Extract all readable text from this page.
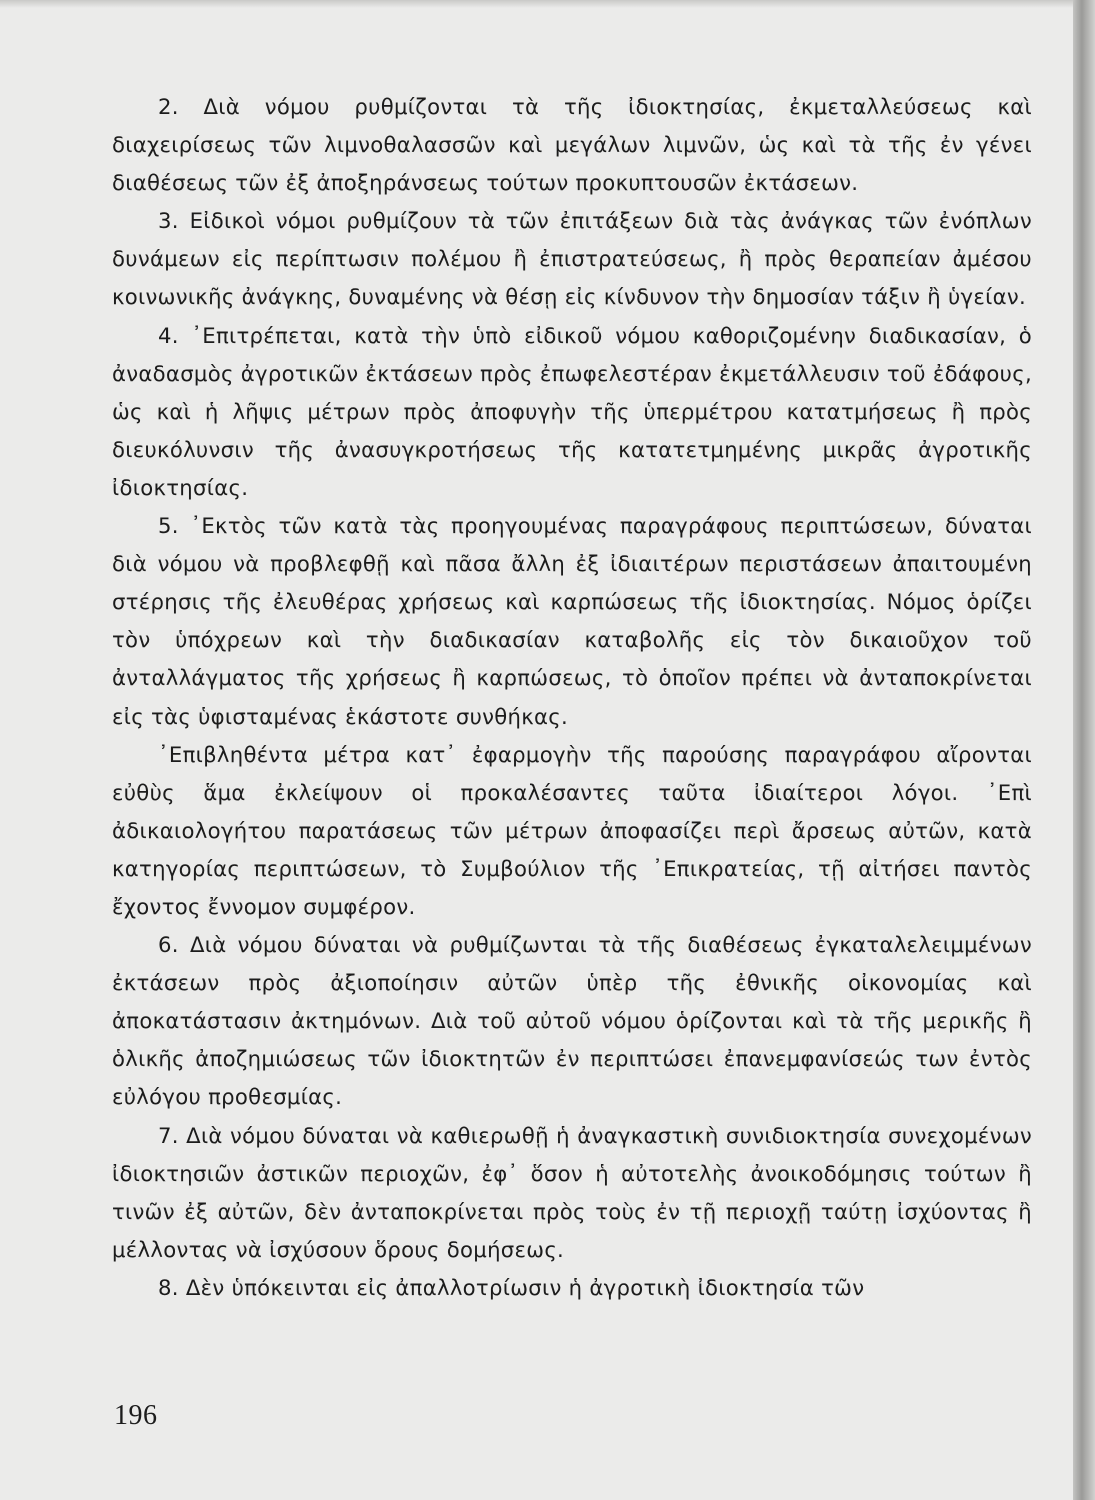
2. Διὰ νόμου ρυθμίζονται τὰ τῆς ἰδιοκτησίας, ἐκμεταλλεύσεως καὶ διαχειρίσεως τῶν λιμνοθαλασσῶν καὶ μεγάλων λιμνῶν, ὡς καὶ τὰ τῆς ἐν γένει διαθέσεως τῶν ἐξ ἀποξηράνσεως τούτων προκυπτουσῶν ἐκτάσεων.

3. Εἰδικοὶ νόμοι ρυθμίζουν τὰ τῶν ἐπιτάξεων διὰ τὰς ἀνάγκας τῶν ἐνόπλων δυνάμεων εἰς περίπτωσιν πολέμου ἢ ἐπιστρατεύσεως, ἢ πρὸς θεραπείαν ἀμέσου κοινωνικῆς ἀνάγκης, δυναμένης νὰ θέσῃ εἰς κίνδυνον τὴν δημοσίαν τάξιν ἢ ὑγείαν.

4. ᾿Επιτρέπεται, κατὰ τὴν ὑπὸ εἰδικοῦ νόμου καθοριζομένην διαδικασίαν, ὁ ἀναδασμὸς ἀγροτικῶν ἐκτάσεων πρὸς ἐπωφελεστέραν ἐκμετάλλευσιν τοῦ ἐδάφους, ὡς καὶ ἡ λῆψις μέτρων πρὸς ἀποφυγὴν τῆς ὑπερμέτρου κατατμήσεως ἢ πρὸς διευκόλυνσιν τῆς ἀνασυγκροτήσεως τῆς κατατετμημένης μικρᾶς ἀγροτικῆς ἰδιοκτησίας.

5. ᾿Εκτὸς τῶν κατὰ τὰς προηγουμένας παραγράφους περιπτώσεων, δύναται διὰ νόμου νὰ προβλεφθῇ καὶ πᾶσα ἄλλη ἐξ ἰδιαιτέρων περιστάσεων ἀπαιτουμένη στέρησις τῆς ἐλευθέρας χρήσεως καὶ καρπώσεως τῆς ἰδιοκτησίας. Νόμος ὁρίζει τὸν ὑπόχρεων καὶ τὴν διαδικασίαν καταβολῆς εἰς τὸν δικαιοῦχον τοῦ ἀνταλλάγματος τῆς χρήσεως ἢ καρπώσεως, τὸ ὁποῖον πρέπει νὰ ἀνταποκρίνεται εἰς τὰς ὑφισταμένας ἑκάστοτε συνθήκας.

᾿Επιβληθέντα μέτρα κατ᾿ ἐφαρμογὴν τῆς παρούσης παραγράφου αἴρονται εὐθὺς ἅμα ἐκλείψουν οἱ προκαλέσαντες ταῦτα ἰδιαίτεροι λόγοι. ᾿Επὶ ἀδικαιολογήτου παρατάσεως τῶν μέτρων ἀποφασίζει περὶ ἄρσεως αὐτῶν, κατὰ κατηγορίας περιπτώσεων, τὸ Συμβούλιον τῆς ᾿Επικρατείας, τῇ αἰτήσει παντὸς ἔχοντος ἔννομον συμφέρον.

6. Διὰ νόμου δύναται νὰ ρυθμίζωνται τὰ τῆς διαθέσεως ἐγκαταλελειμμένων ἐκτάσεων πρὸς ἀξιοποίησιν αὐτῶν ὑπὲρ τῆς ἐθνικῆς οἰκονομίας καὶ ἀποκατάστασιν ἀκτημόνων. Διὰ τοῦ αὐτοῦ νόμου ὁρίζονται καὶ τὰ τῆς μερικῆς ἢ ὁλικῆς ἀποζημιώσεως τῶν ἰδιοκτητῶν ἐν περιπτώσει ἐπανεμφανίσεώς των ἐντὸς εὐλόγου προθεσμίας.

7. Διὰ νόμου δύναται νὰ καθιερωθῇ ἡ ἀναγκαστικὴ συνιδιοκτησία συνεχομένων ἰδιοκτησιῶν ἀστικῶν περιοχῶν, ἐφ᾿ ὅσον ἡ αὐτοτελὴς ἀνοικοδόμησις τούτων ἢ τινῶν ἐξ αὐτῶν, δὲν ἀνταποκρίνεται πρὸς τοὺς ἐν τῇ περιοχῇ ταύτῃ ἰσχύοντας ἢ μέλλοντας νὰ ἰσχύσουν ὅρους δομήσεως.

8. Δὲν ὑπόκεινται εἰς ἀπαλλοτρίωσιν ἡ ἀγροτικὴ ἰδιοκτησία τῶν

196
